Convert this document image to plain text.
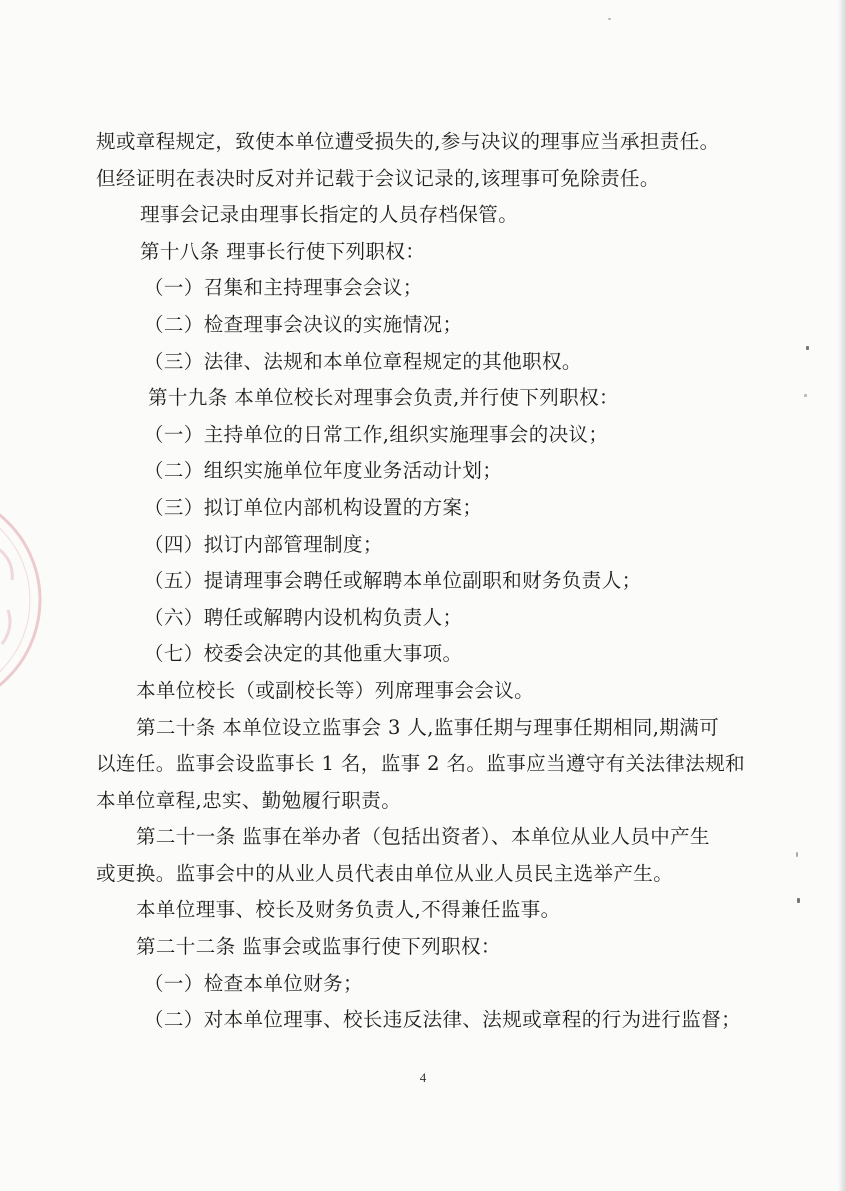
规或章程规定，致使本单位遭受损失的,参与决议的理事应当承担责任。
但经证明在表决时反对并记载于会议记录的,该理事可免除责任。
理事会记录由理事长指定的人员存档保管。
第十八条 理事长行使下列职权：
（一）召集和主持理事会会议；
（二）检查理事会决议的实施情况；
（三）法律、法规和本单位章程规定的其他职权。
第十九条 本单位校长对理事会负责,并行使下列职权：
（一）主持单位的日常工作,组织实施理事会的决议；
（二）组织实施单位年度业务活动计划；
（三）拟订单位内部机构设置的方案；
（四）拟订内部管理制度；
（五）提请理事会聘任或解聘本单位副职和财务负责人；
（六）聘任或解聘内设机构负责人；
（七）校委会决定的其他重大事项。
本单位校长（或副校长等）列席理事会会议。
第二十条 本单位设立监事会 3 人,监事任期与理事任期相同,期满可
以连任。监事会设监事长 1 名，监事 2 名。监事应当遵守有关法律法规和
本单位章程,忠实、勤勉履行职责。
第二十一条 监事在举办者（包括出资者）、本单位从业人员中产生
或更换。监事会中的从业人员代表由单位从业人员民主选举产生。
本单位理事、校长及财务负责人,不得兼任监事。
第二十二条 监事会或监事行使下列职权：
（一）检查本单位财务；
（二）对本单位理事、校长违反法律、法规或章程的行为进行监督；
4
